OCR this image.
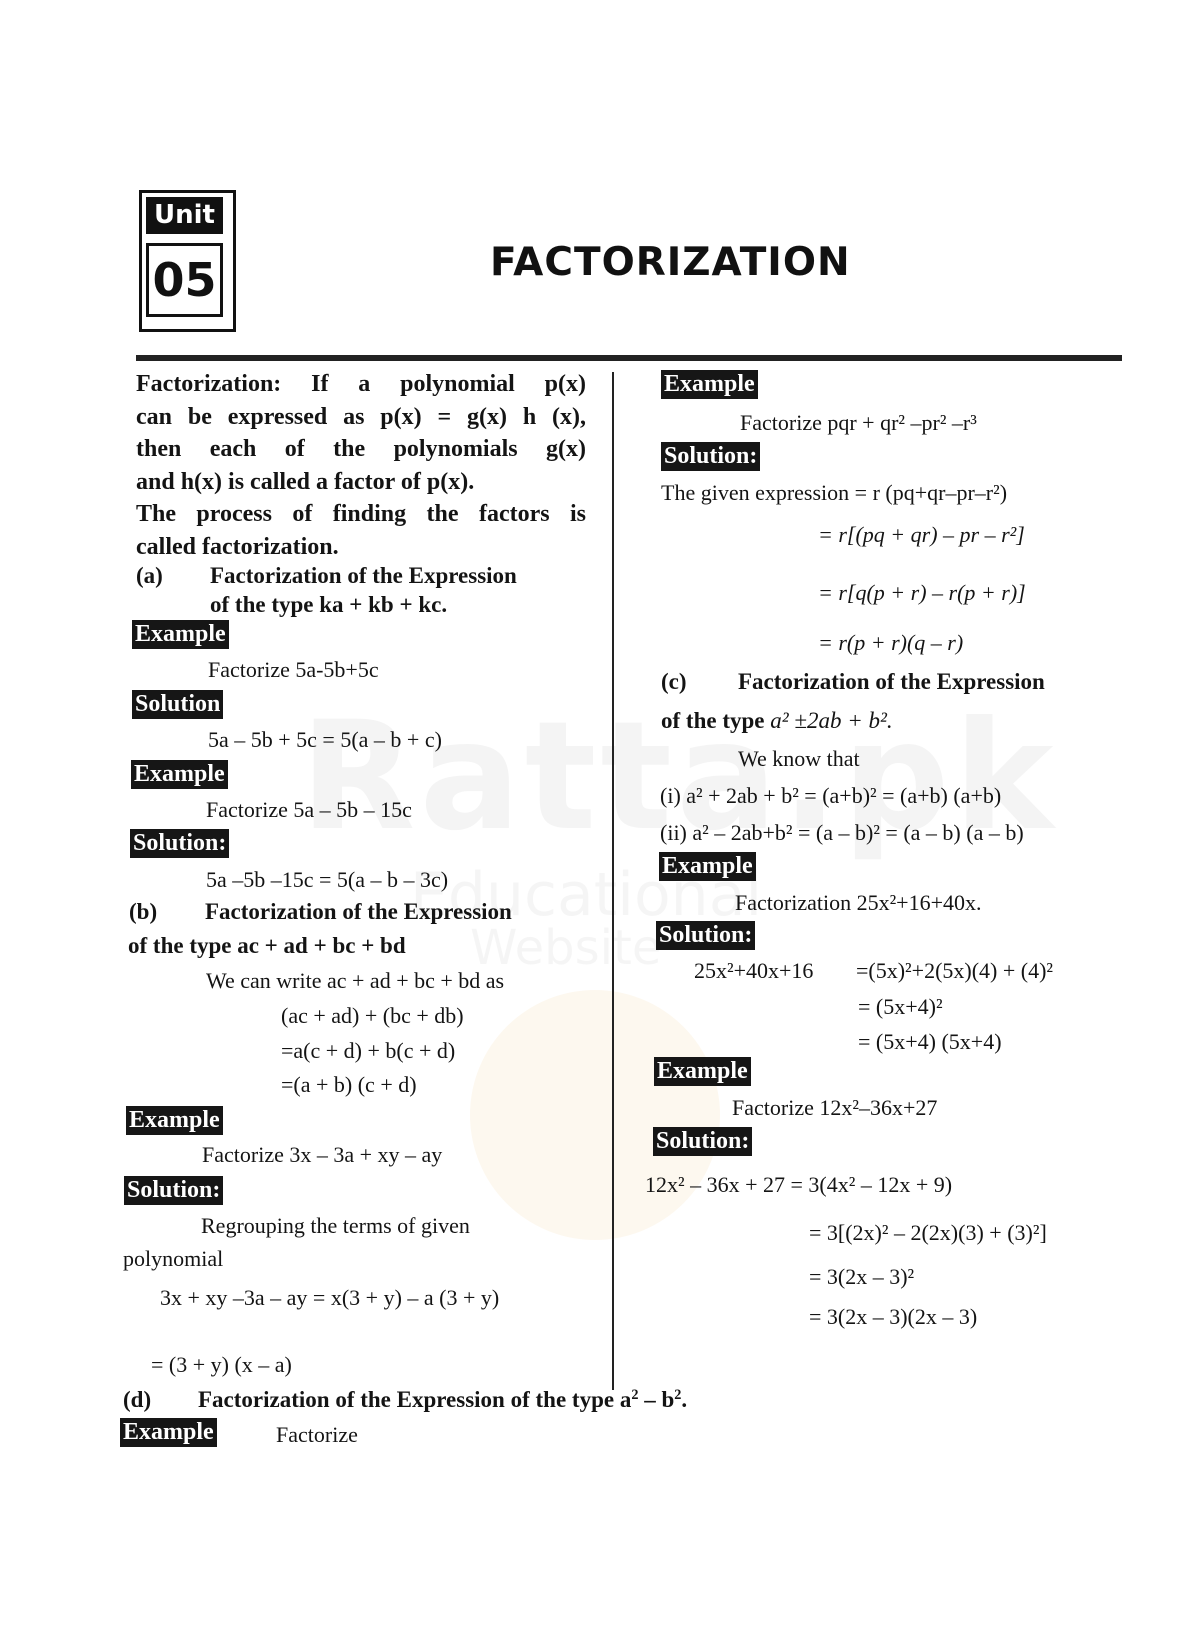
Unit
05	FACTORIZATION

Factorization: If a polynomial p(x)

can be expressed as p(x) = g(x) h (x),

then each of the polynomials g(x)

and h(x) is called a factor of p(x).

The process of finding the factors is

called factorization.

(a) Factorization of the Expression
of the type ka + kb + kc.
Example
Factorize 5a-5b+5c
Solution
5a – 5b + 5c = 5(a – b + c)
Example
Factorize 5a – 5b – 15c
Solution:
5a –5b –15c = 5(a – b – 3c)
(b) Factorization of the Expression
of the type ac + ad + bc + bd
We can write ac + ad + bc + bd as
(ac + ad) + (bc + db)
=a(c + d) + b(c + d)
=(a + b) (c + d)
Example
Factorize 3x – 3a + xy – ay
Solution:
Regrouping the terms of given
polynomial
3x + xy –3a – ay = x(3 + y) – a (3 + y)
= (3 + y) (x – a)
(d) Factorization of the Expression of the type $a^2 - b^2$.
Example	Factorize
Example
Factorize pqr + qr² –pr² –r³
Solution:
The given expression = r (pq+qr–pr–r²)
= r[(pq + qr) – pr – r²]
= r[q(p + r) – r(p + r)]
= r(p + r)(q – r)
(c) Factorization of the Expression
of the type a² ±2ab + b².
We know that
(i) a² + 2ab + b² = (a+b)² = (a+b) (a+b)
(ii) a² – 2ab+b² = (a – b)² = (a – b) (a – b)
Example
Factorization 25x²+16+40x.
Solution:
25x²+40x+16 =(5x)²+2(5x)(4) + (4)²
= (5x+4)²
= (5x+4) (5x+4)
Example
Factorize 12x²–36x+27
Solution:
12x² – 36x + 27 = 3(4x² – 12x + 9)
= 3[(2x)² – 2(2x)(3) + (3)²]
= 3(2x – 3)²
= 3(2x – 3)(2x – 3)
